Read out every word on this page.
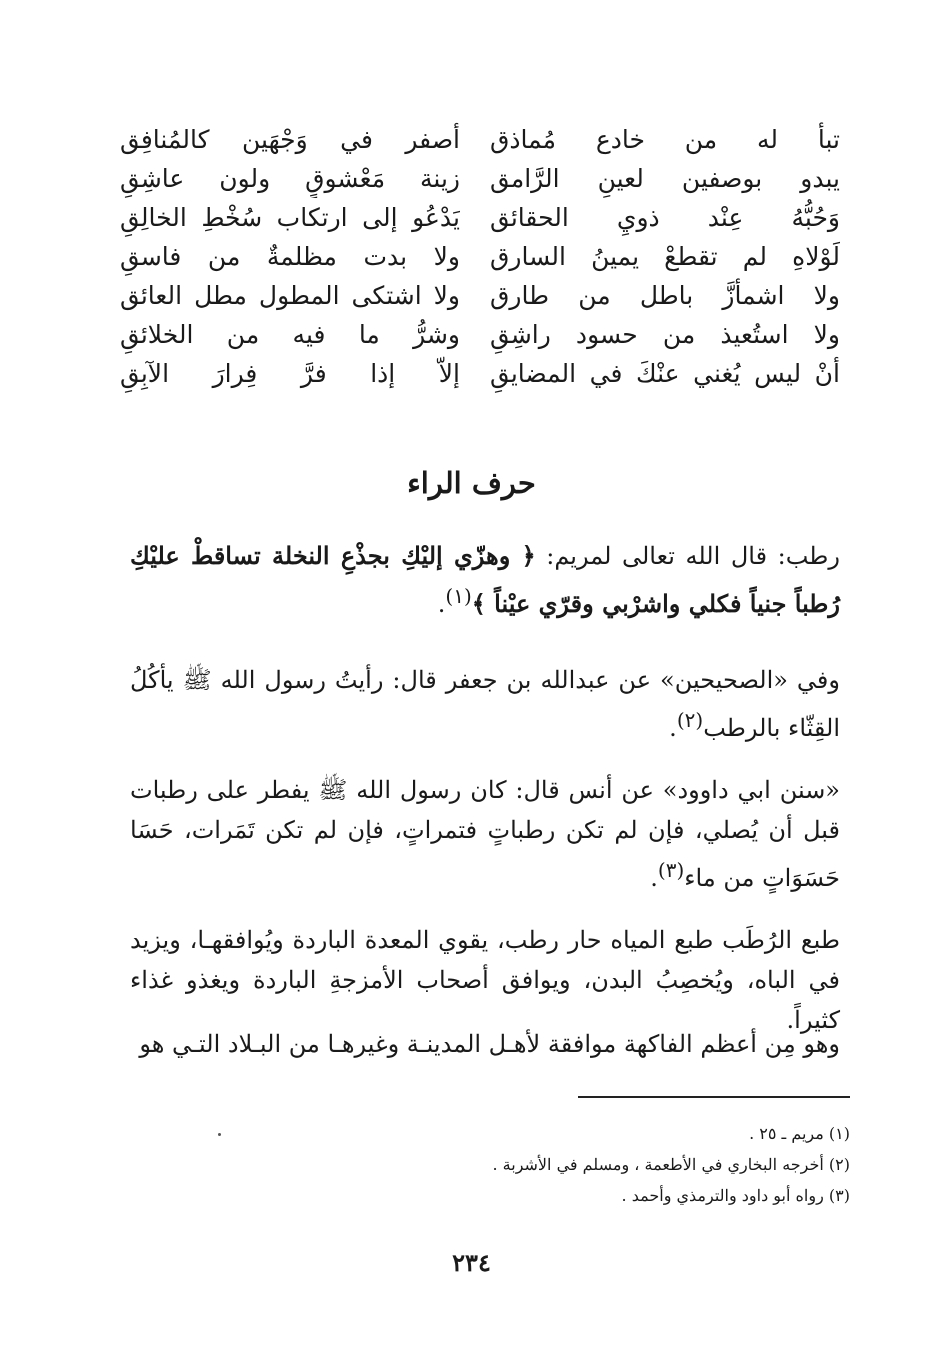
تبأ له من خادع مُماذق
أصفر في وَجْهَين كالمُنافِق
يبدو بوصفين لعينِ الرَّامق
زينة مَعْشوقٍ ولون عاشِقِ
وَحُبُّهُ عِنْد ذويِ الحقائق
يَدْعُو إلى ارتكاب سُخْطِ الخالِقِ
لَوْلاهِ لم تقطعْ يمينُ السارق
ولا بدت مظلمةٌ من فاسقِ
ولا اشمأزَّ باطل من طارق
ولا اشتكى المطول مطل العائق
ولا استُعيذ من حسود راشِقِ
وشرُّ ما فيه من الخلائقِ
أنْ ليس يُغني عنْكَ في المضايقِ
إلاّ إذا فرَّ فِرارَ الآبِقِ
حرف الراء

رطب: قال الله تعالى لمريم: ﴿ وهزّي إليْكِ بجذْعِ النخلة تساقطْ عليْكِ رُطباً جنياً فكلي واشرْبي وقرّي عيْناً ﴾$^{(١)}$.

وفي «الصحيحين» عن عبدالله بن جعفر قال: رأيتُ رسول الله ﷺ يأكُلُ القِثّاء بالرطب$^{(٢)}$.

«سنن ابي داوود» عن أنس قال: كان رسول الله ﷺ يفطر على رطبات قبل أن يُصلي، فإن لم تكن رطباتٍ فتمراتٍ، فإن لم تكن تَمَرات، حَسَا حَسَوَاتٍ من ماء$^{(٣)}$.

طبع الرُطَب طبع المياه حار رطب، يقوي المعدة الباردة ويُوافقهـا، ويزيد في الباه، ويُخصِبُ البدن، ويوافق أصحاب الأمزجةِ الباردة ويغذو غذاء كثيراً.

وهو مِن أعظم الفاكهة موافقة لأهـل المدينـة وغيرهـا من البـلاد التـي هو

(١) مريم ـ ٢٥ .
(٢) أخرجه البخاري في الأطعمة ، ومسلم في الأشربة .
(٣) رواه أبو داود والترمذي وأحمد .
٢٣٤
